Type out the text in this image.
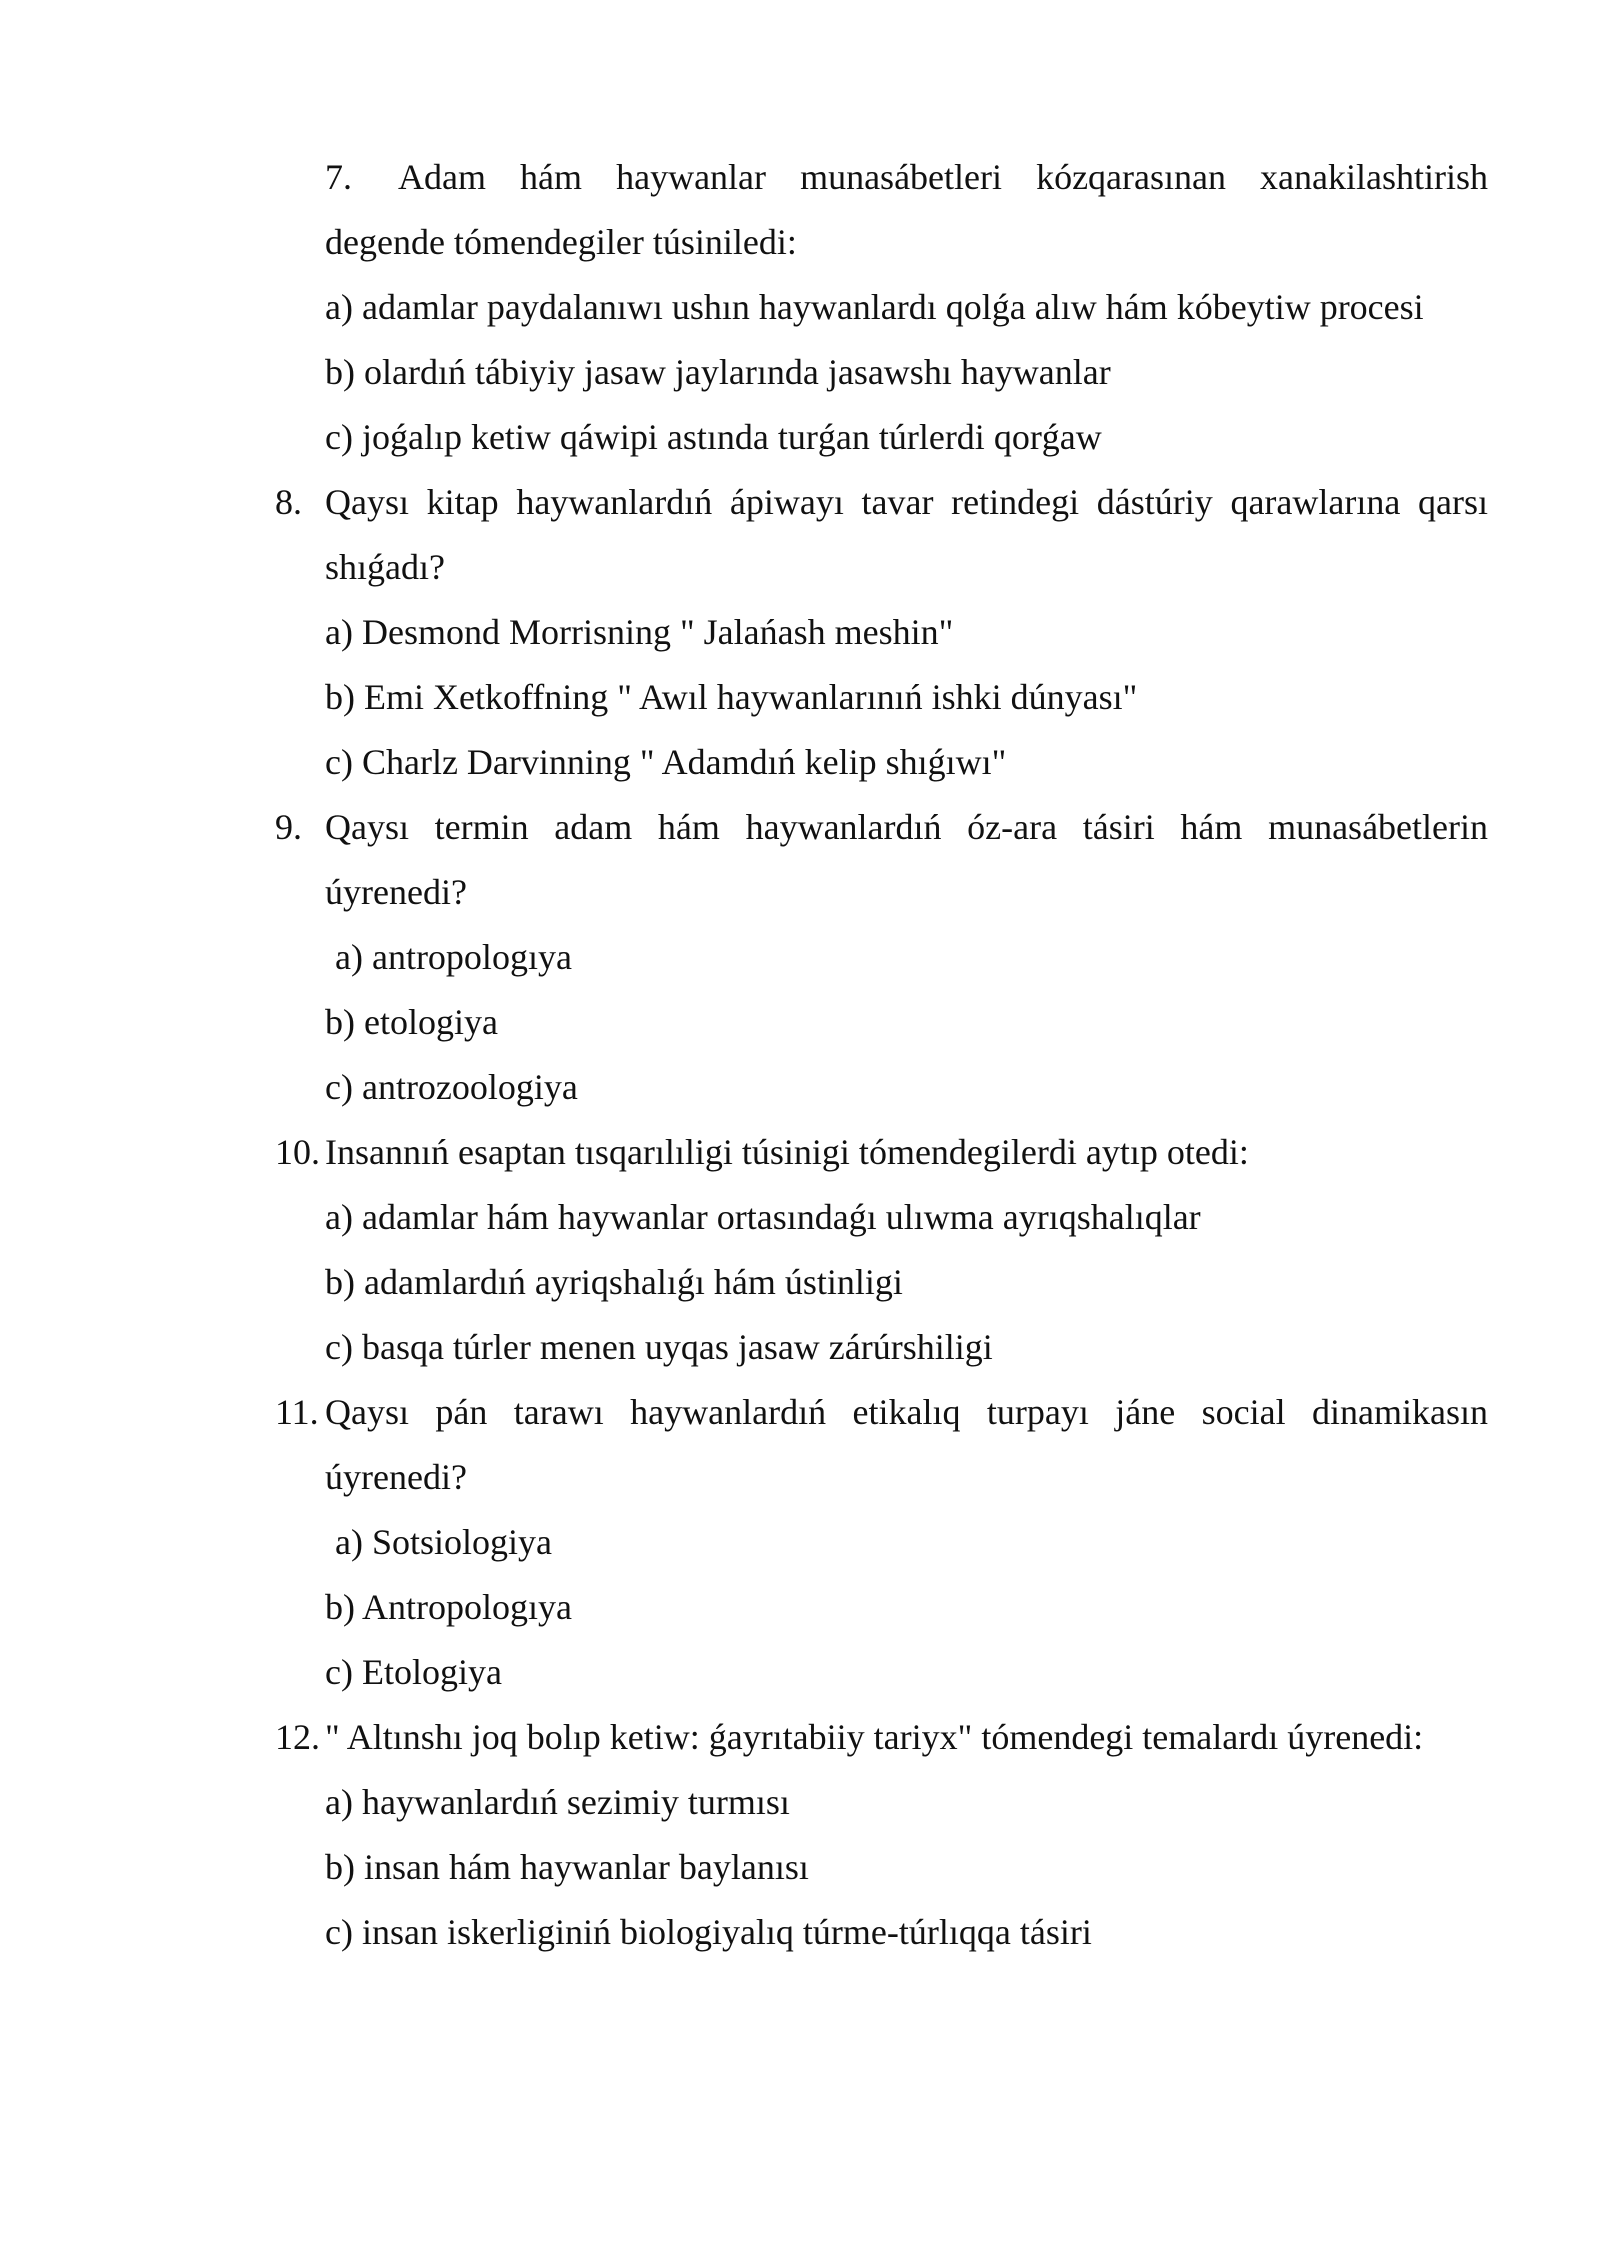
7. Adam hám haywanlar munasábetleri kózqarasınan xanakilashtirish
degende tómendegiler túsiniledi:
a) adamlar paydalanıwı ushın haywanlardı qolǵa alıw hám kóbeytiw procesi
b) olardıń tábiyiy jasaw jaylarında jasawshı haywanlar
c) joǵalıp ketiw qáwipi astında turǵan túrlerdi qorǵaw
8. Qaysı kitap haywanlardıń ápiwayı tavar retindegi dástúriy qarawlarına qarsı
shıǵadı?
a) Desmond Morrisning " Jalańash meshin"
b) Emi Xetkoffning " Awıl haywanlarınıń ishki dúnyası"
c) Charlz Darvinning " Adamdıń kelip shıǵıwı"
9. Qaysı termin adam hám haywanlardıń óz-ara tásiri hám munasábetlerin
úyrenedi?
a) antropologıya
b) etologiya
c) antrozoologiya
10. Insannıń esaptan tısqarılıligi túsinigi tómendegilerdi aytıp otedi:
a) adamlar hám haywanlar ortasındaǵı ulıwma ayrıqshalıqlar
b) adamlardıń ayriqshalıǵı hám ústinligi
c) basqa túrler menen uyqas jasaw zárúrshiligi
11. Qaysı pán tarawı haywanlardıń etikalıq turpayı jáne social dinamikasın
úyrenedi?
a) Sotsiologiya
b) Antropologıya
c) Etologiya
12. " Altınshı joq bolıp ketiw: ǵayrıtabiiy tariyx" tómendegi temalardı úyrenedi:
a) haywanlardıń sezimiy turmısı
b) insan hám haywanlar baylanısı
c) insan iskerliginiń biologiyalıq túrme-túrlıqqa tásiri
